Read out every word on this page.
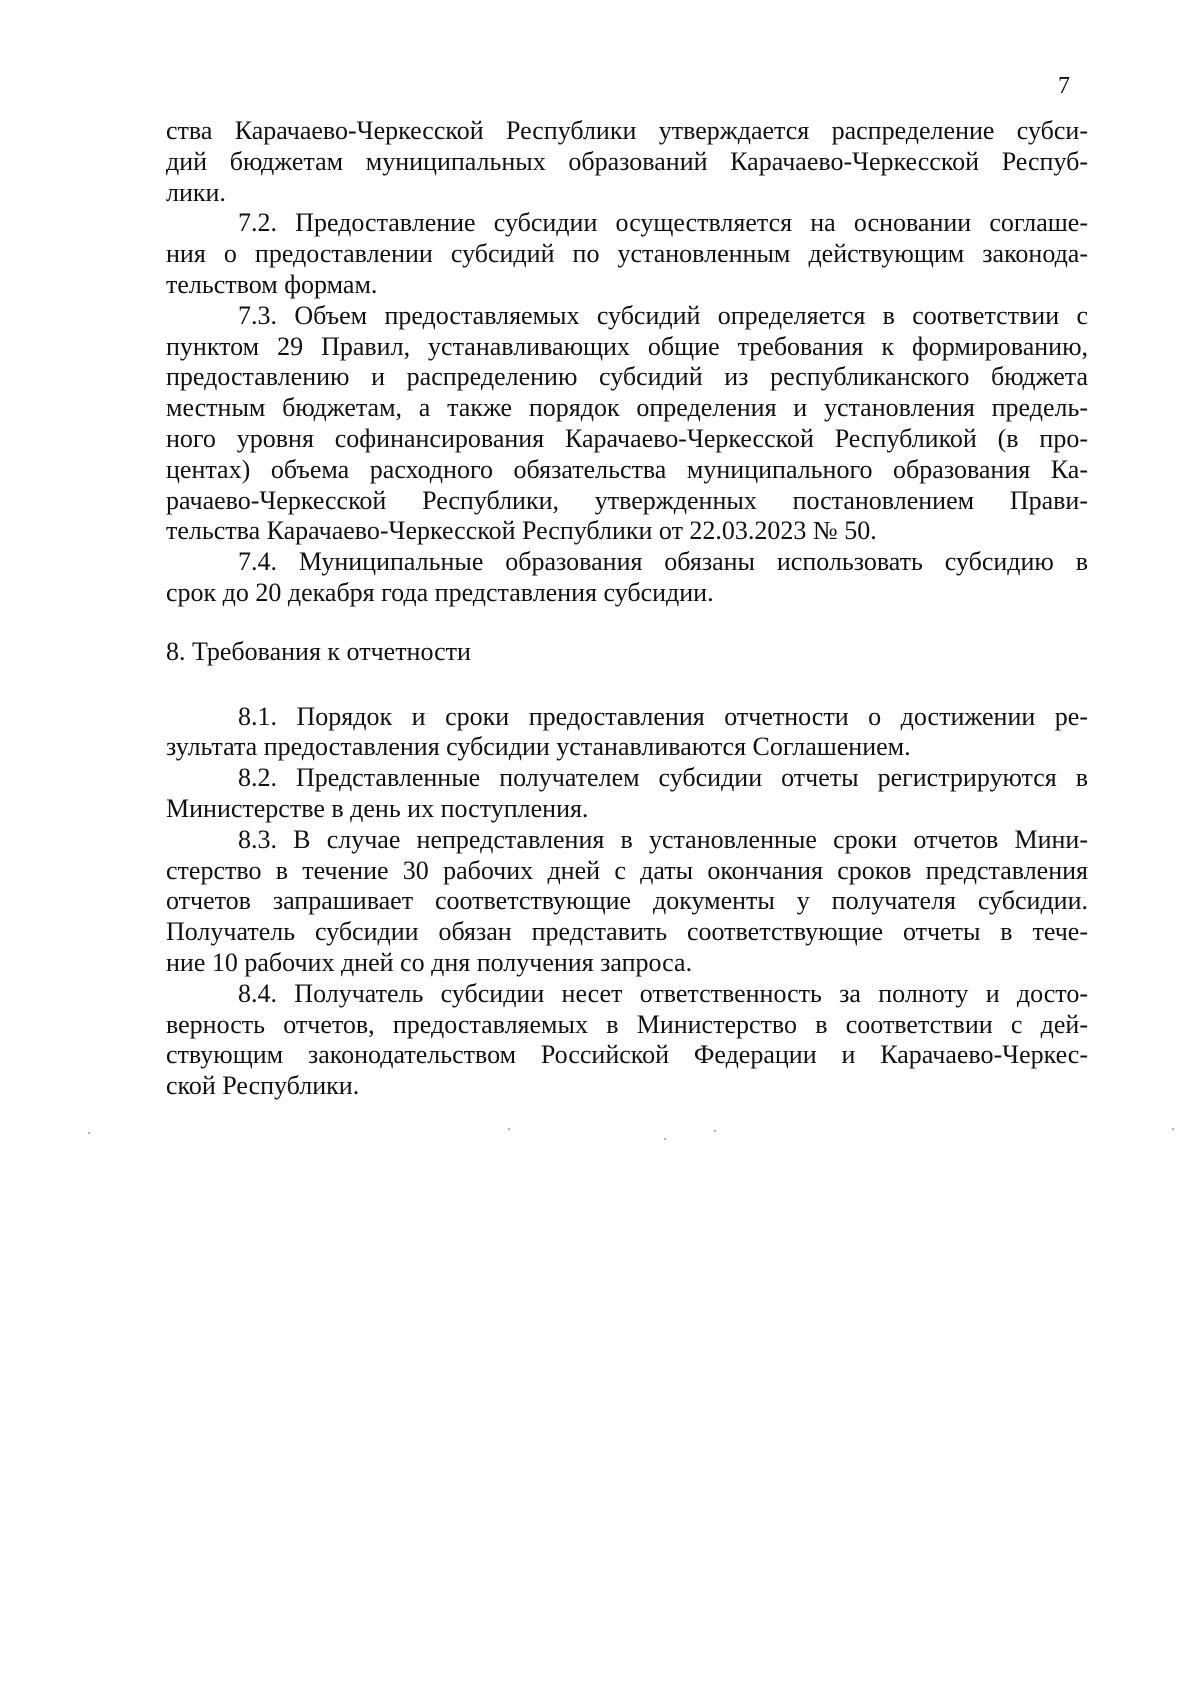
7

ства Карачаево-Черкесской Республики утверждается распределение субси-
дий бюджетам муниципальных образований Карачаево-Черкесской Респуб-
лики.

7.2. Предоставление субсидии осуществляется на основании соглаше-
ния о предоставлении субсидий по установленным действующим законода-
тельством формам.

7.3. Объем предоставляемых субсидий определяется в соответствии с
пунктом 29 Правил, устанавливающих общие требования к формированию,
предоставлению и распределению субсидий из республиканского бюджета
местным бюджетам, а также порядок определения и установления предель-
ного уровня софинансирования Карачаево-Черкесской Республикой (в про-
центах) объема расходного обязательства муниципального образования Ка-
рачаево-Черкесской Республики, утвержденных постановлением Прави-
тельства Карачаево-Черкесской Республики от 22.03.2023 № 50.

7.4. Муниципальные образования обязаны использовать субсидию в
срок до 20 декабря года представления субсидии.

8. Требования к отчетности

8.1. Порядок и сроки предоставления отчетности о достижении ре-
зультата предоставления субсидии устанавливаются Соглашением.

8.2. Представленные получателем субсидии отчеты регистрируются в
Министерстве в день их поступления.

8.3. В случае непредставления в установленные сроки отчетов Мини-
стерство в течение 30 рабочих дней с даты окончания сроков представления
отчетов запрашивает соответствующие документы у получателя субсидии.
Получатель субсидии обязан представить соответствующие отчеты в тече-
ние 10 рабочих дней со дня получения запроса.

8.4. Получатель субсидии несет ответственность за полноту и досто-
верность отчетов, предоставляемых в Министерство в соответствии с дей-
ствующим законодательством Российской Федерации и Карачаево-Черкес-
ской Республики.
